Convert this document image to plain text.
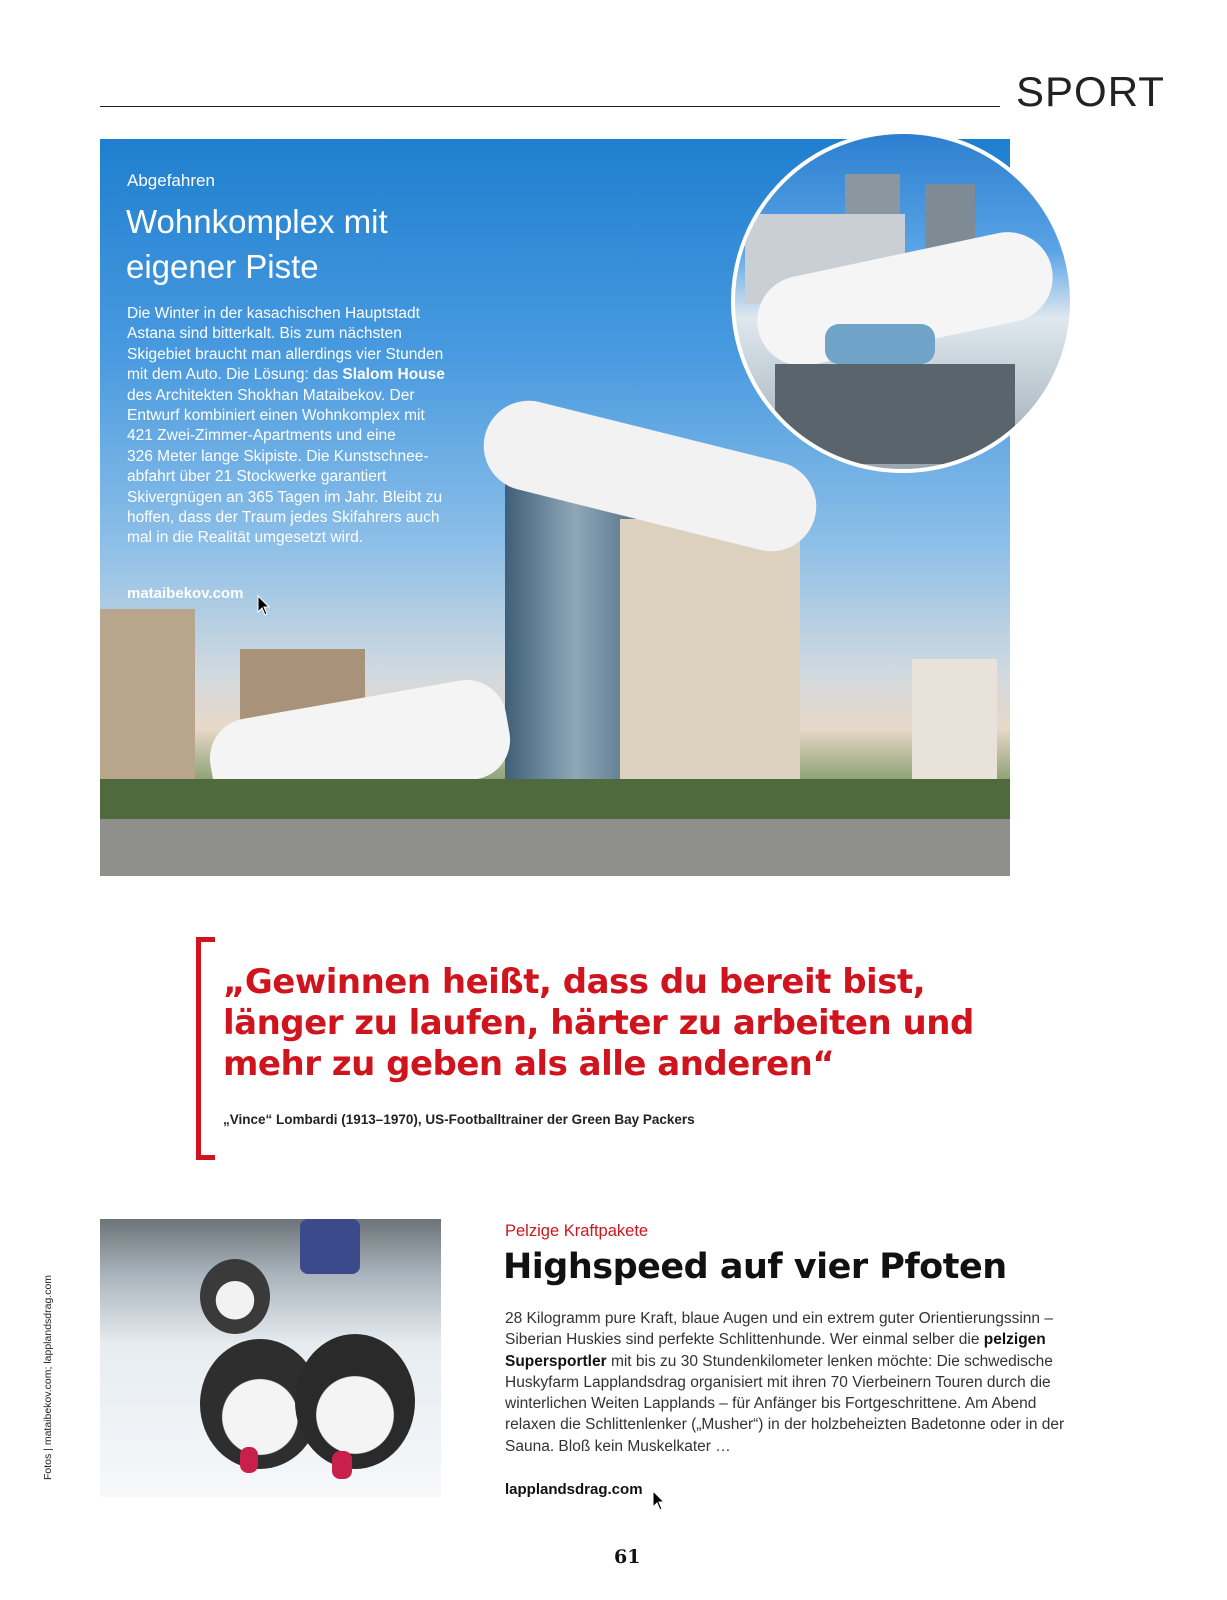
SPORT
Abgefahren
Wohnkomplex mit
eigener Piste
Die Winter in der kasachischen Hauptstadt
Astana sind bitterkalt. Bis zum nächsten
Skigebiet braucht man allerdings vier Stunden
mit dem Auto. Die Lösung: das Slalom House
des Architekten Shokhan Mataibekov. Der
Entwurf kombiniert einen Wohnkomplex mit
421 Zwei-Zimmer-Apartments und eine
326 Meter lange Skipiste. Die Kunstschnee-
abfahrt über 21 Stockwerke garantiert
Skivergnügen an 365 Tagen im Jahr. Bleibt zu
hoffen, dass der Traum jedes Skifahrers auch
mal in die Realität umgesetzt wird.
mataibekov.com
„Gewinnen heißt, dass du bereit bist,
länger zu laufen, härter zu arbeiten und
mehr zu geben als alle anderen“
„Vince“ Lombardi (1913–1970), US-Footballtrainer der Green Bay Packers
Fotos | mataibekov.com; lapplandsdrag.com
Pelzige Kraftpakete
Highspeed auf vier Pfoten
28 Kilogramm pure Kraft, blaue Augen und ein extrem guter Orientierungssinn –
Siberian Huskies sind perfekte Schlittenhunde. Wer einmal selber die pelzigen
Supersportler mit bis zu 30 Stundenkilometer lenken möchte: Die schwedische
Huskyfarm Lapplandsdrag organisiert mit ihren 70 Vierbeinern Touren durch die
winterlichen Weiten Lapplands – für Anfänger bis Fortgeschrittene. Am Abend
relaxen die Schlittenlenker („Musher“) in der holzbeheizten Badetonne oder in der
Sauna. Bloß kein Muskelkater …
lapplandsdrag.com
61
